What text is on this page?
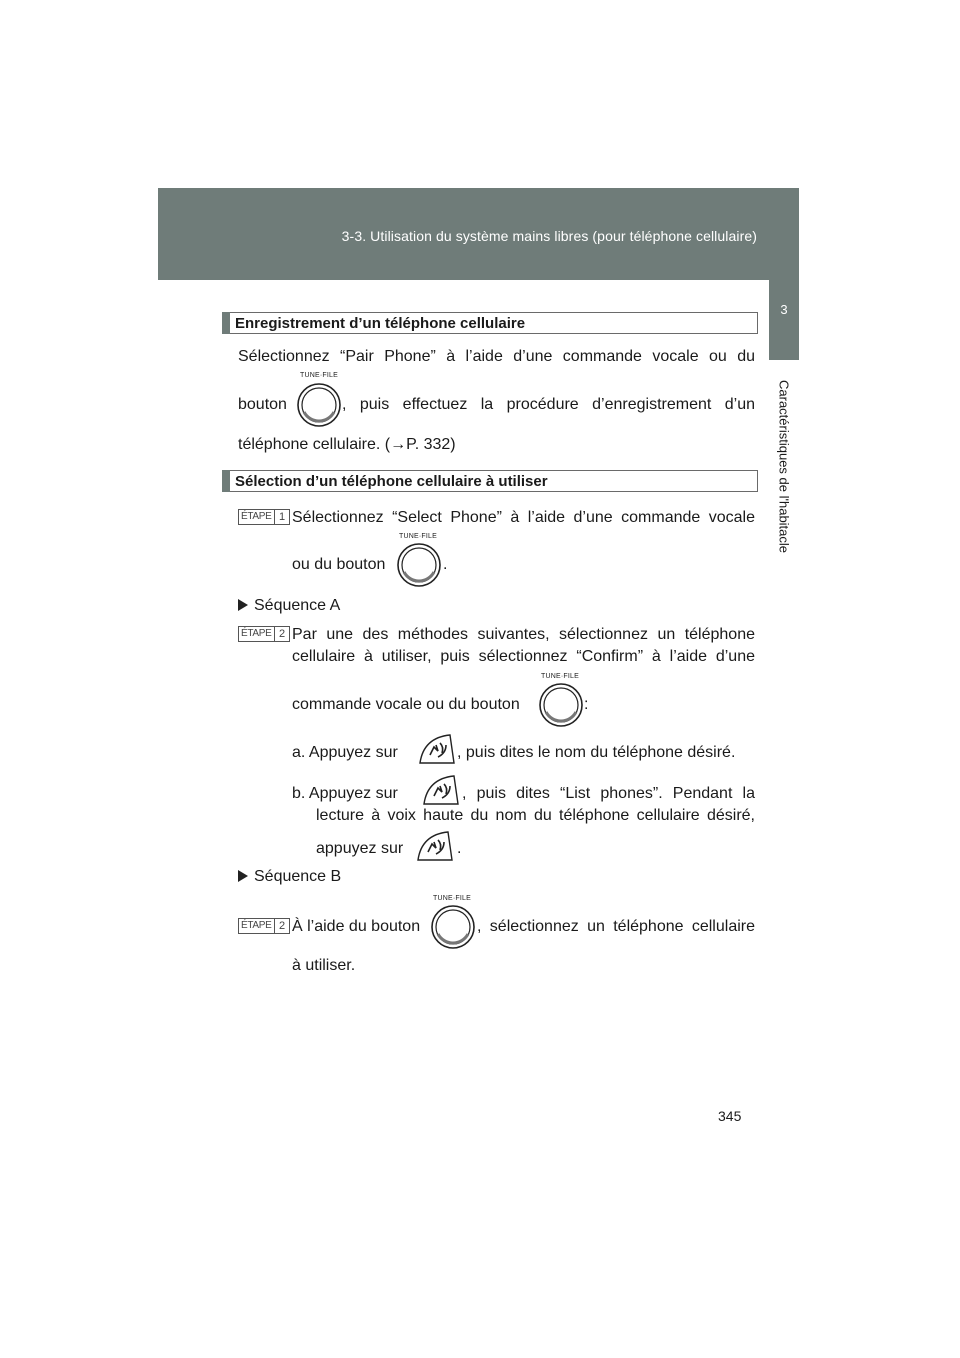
3-3. Utilisation du système mains libres (pour téléphone cellulaire)
3
Caractéristiques de l'habitacle
Enregistrement d’un téléphone cellulaire
Sélectionnez “Pair Phone” à l’aide d’une commande vocale ou du
bouton
TUNE·FILE
, puis effectuez la procédure d’enregistrement d’un
téléphone cellulaire. (→P. 332)
Sélection d’un téléphone cellulaire à utiliser
ÉTAPE 1 Sélectionnez “Select Phone” à l’aide d’une commande vocale
ou du bouton
TUNE·FILE
.
Séquence A
ÉTAPE 2 Par une des méthodes suivantes, sélectionnez un téléphone
cellulaire à utiliser, puis sélectionnez “Confirm” à l’aide d’une
commande vocale ou du bouton
TUNE·FILE
:
a. Appuyez sur	, puis dites le nom du téléphone désiré.
b. Appuyez sur	, puis dites “List phones”. Pendant la
lecture à voix haute du nom du téléphone cellulaire désiré,
appuyez sur	.
Séquence B
ÉTAPE 2 À l’aide du bouton
TUNE·FILE
, sélectionnez un téléphone cellulaire
à utiliser.
345
